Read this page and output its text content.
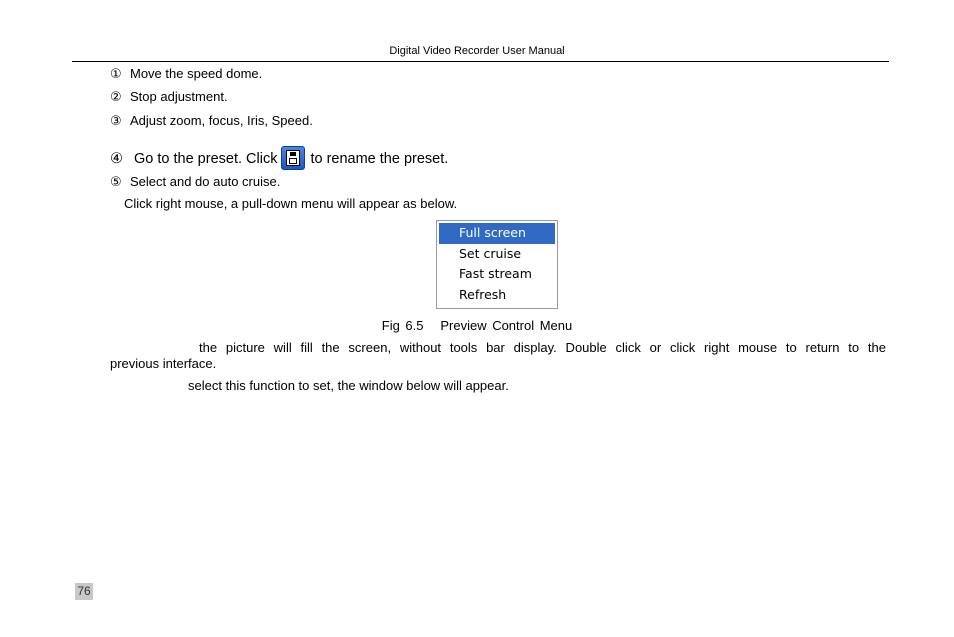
Digital Video Recorder User Manual
① Move the speed dome.
② Stop adjustment.
③ Adjust zoom, focus, Iris, Speed.
④ Go to the preset. Click to rename the preset.
⑤ Select and do auto cruise.
Click right mouse, a pull-down menu will appear as below.
Full screen
Set cruise
Fast stream
Refresh
Fig 6.5   Preview Control Menu
the picture will fill the screen, without tools bar display. Double click or click right mouse to return to the
previous interface.
select this function to set, the window below will appear.
76
